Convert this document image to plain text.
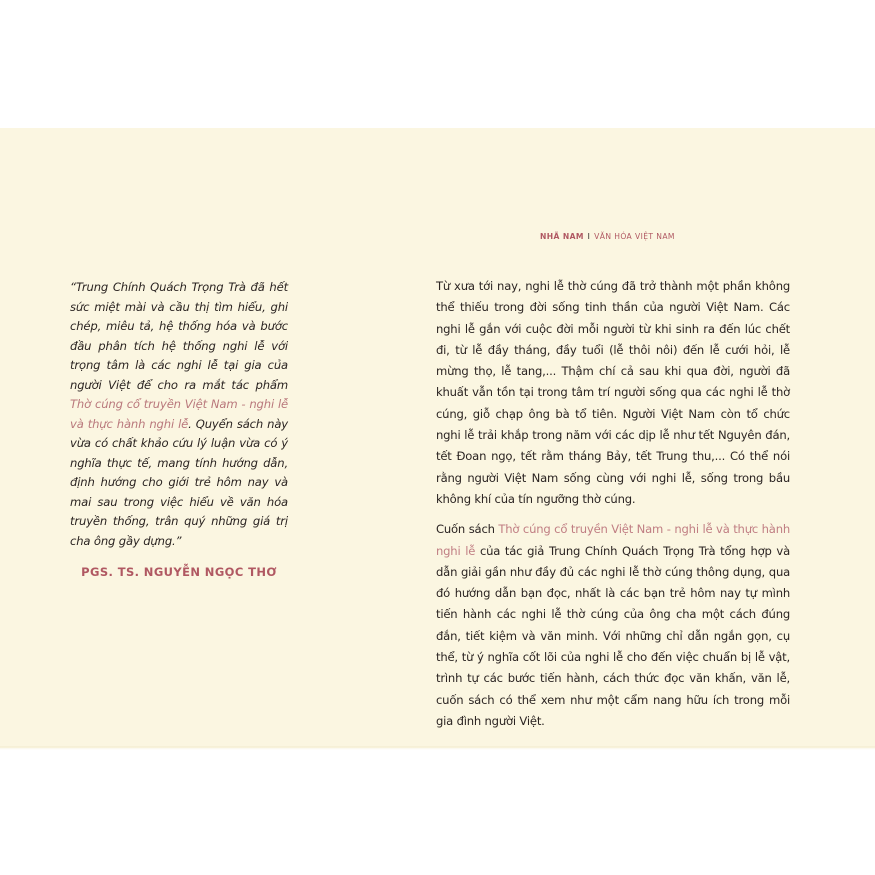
NHÃ NAM I VĂN HÓA VIỆT NAM

“Trung Chính Quách Trọng Trà đã hết sức miệt mài và cầu thị tìm hiểu, ghi chép, miêu tả, hệ thống hóa và bước đầu phân tích hệ thống nghi lễ với trọng tâm là các nghi lễ tại gia của người Việt để cho ra mắt tác phẩm Thờ cúng cổ truyền Việt Nam - nghi lễ và thực hành nghi lễ. Quyển sách này vừa có chất khảo cứu lý luận vừa có ý nghĩa thực tế, mang tính hướng dẫn, định hướng cho giới trẻ hôm nay và mai sau trong việc hiểu về văn hóa truyền thống, trân quý những giá trị cha ông gầy dựng.”

PGS. TS. NGUYỄN NGỌC THƠ

Từ xưa tới nay, nghi lễ thờ cúng đã trở thành một phần không thể thiếu trong đời sống tinh thần của người Việt Nam. Các nghi lễ gắn với cuộc đời mỗi người từ khi sinh ra đến lúc chết đi, từ lễ đầy tháng, đầy tuổi (lễ thôi nôi) đến lễ cưới hỏi, lễ mừng thọ, lễ tang,... Thậm chí cả sau khi qua đời, người đã khuất vẫn tồn tại trong tâm trí người sống qua các nghi lễ thờ cúng, giỗ chạp ông bà tổ tiên. Người Việt Nam còn tổ chức nghi lễ trải khắp trong năm với các dịp lễ như tết Nguyên đán, tết Đoan ngọ, tết rằm tháng Bảy, tết Trung thu,... Có thể nói rằng người Việt Nam sống cùng với nghi lễ, sống trong bầu không khí của tín ngưỡng thờ cúng.

Cuốn sách Thờ cúng cổ truyền Việt Nam - nghi lễ và thực hành nghi lễ của tác giả Trung Chính Quách Trọng Trà tổng hợp và dẫn giải gần như đầy đủ các nghi lễ thờ cúng thông dụng, qua đó hướng dẫn bạn đọc, nhất là các bạn trẻ hôm nay tự mình tiến hành các nghi lễ thờ cúng của ông cha một cách đúng đắn, tiết kiệm và văn minh. Với những chỉ dẫn ngắn gọn, cụ thể, từ ý nghĩa cốt lõi của nghi lễ cho đến việc chuẩn bị lễ vật, trình tự các bước tiến hành, cách thức đọc văn khấn, văn lễ, cuốn sách có thể xem như một cẩm nang hữu ích trong mỗi gia đình người Việt.
